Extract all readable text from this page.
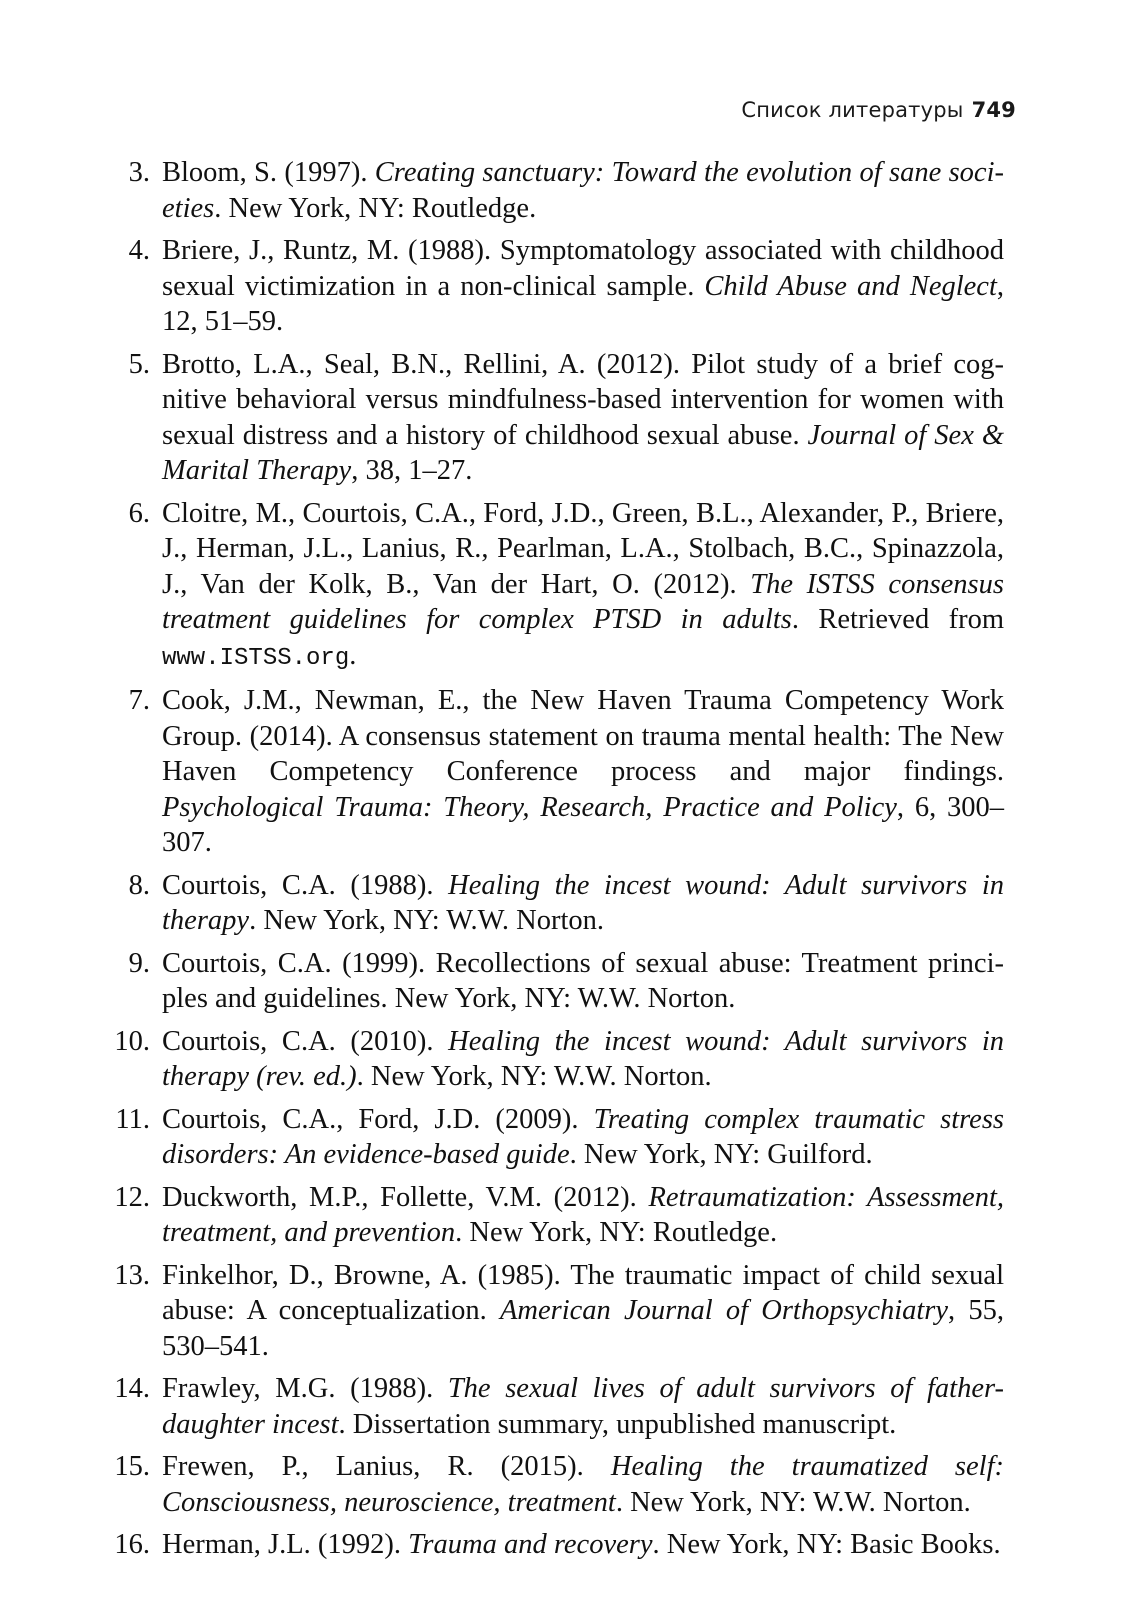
Список литературы 749
3. Bloom, S. (1997). Creating sanctuary: Toward the evolution of sane societies. New York, NY: Routledge.
4. Briere, J., Runtz, M. (1988). Symptomatology associated with childhood sexual victimization in a non-clinical sample. Child Abuse and Neglect, 12, 51–59.
5. Brotto, L.A., Seal, B.N., Rellini, A. (2012). Pilot study of a brief cognitive behavioral versus mindfulness-based intervention for women with sexual distress and a history of childhood sexual abuse. Journal of Sex & Marital Therapy, 38, 1–27.
6. Cloitre, M., Courtois, C.A., Ford, J.D., Green, B.L., Alexander, P., Briere, J., Herman, J.L., Lanius, R., Pearlman, L.A., Stolbach, B.C., Spinazzola, J., Van der Kolk, B., Van der Hart, O. (2012). The ISTSS consensus treatment guidelines for complex PTSD in adults. Retrieved from www.ISTSS.org.
7. Cook, J.M., Newman, E., the New Haven Trauma Competency Work Group. (2014). A consensus statement on trauma mental health: The New Haven Competency Conference process and major findings. Psychological Trauma: Theory, Research, Practice and Policy, 6, 300–307.
8. Courtois, C.A. (1988). Healing the incest wound: Adult survivors in therapy. New York, NY: W.W. Norton.
9. Courtois, C.A. (1999). Recollections of sexual abuse: Treatment principles and guidelines. New York, NY: W.W. Norton.
10. Courtois, C.A. (2010). Healing the incest wound: Adult survivors in therapy (rev. ed.). New York, NY: W.W. Norton.
11. Courtois, C.A., Ford, J.D. (2009). Treating complex traumatic stress disorders: An evidence-based guide. New York, NY: Guilford.
12. Duckworth, M.P., Follette, V.M. (2012). Retraumatization: Assessment, treatment, and prevention. New York, NY: Routledge.
13. Finkelhor, D., Browne, A. (1985). The traumatic impact of child sexual abuse: A conceptualization. American Journal of Orthopsychiatry, 55, 530–541.
14. Frawley, M.G. (1988). The sexual lives of adult survivors of father-daughter incest. Dissertation summary, unpublished manuscript.
15. Frewen, P., Lanius, R. (2015). Healing the traumatized self: Consciousness, neuroscience, treatment. New York, NY: W.W. Norton.
16. Herman, J.L. (1992). Trauma and recovery. New York, NY: Basic Books.
